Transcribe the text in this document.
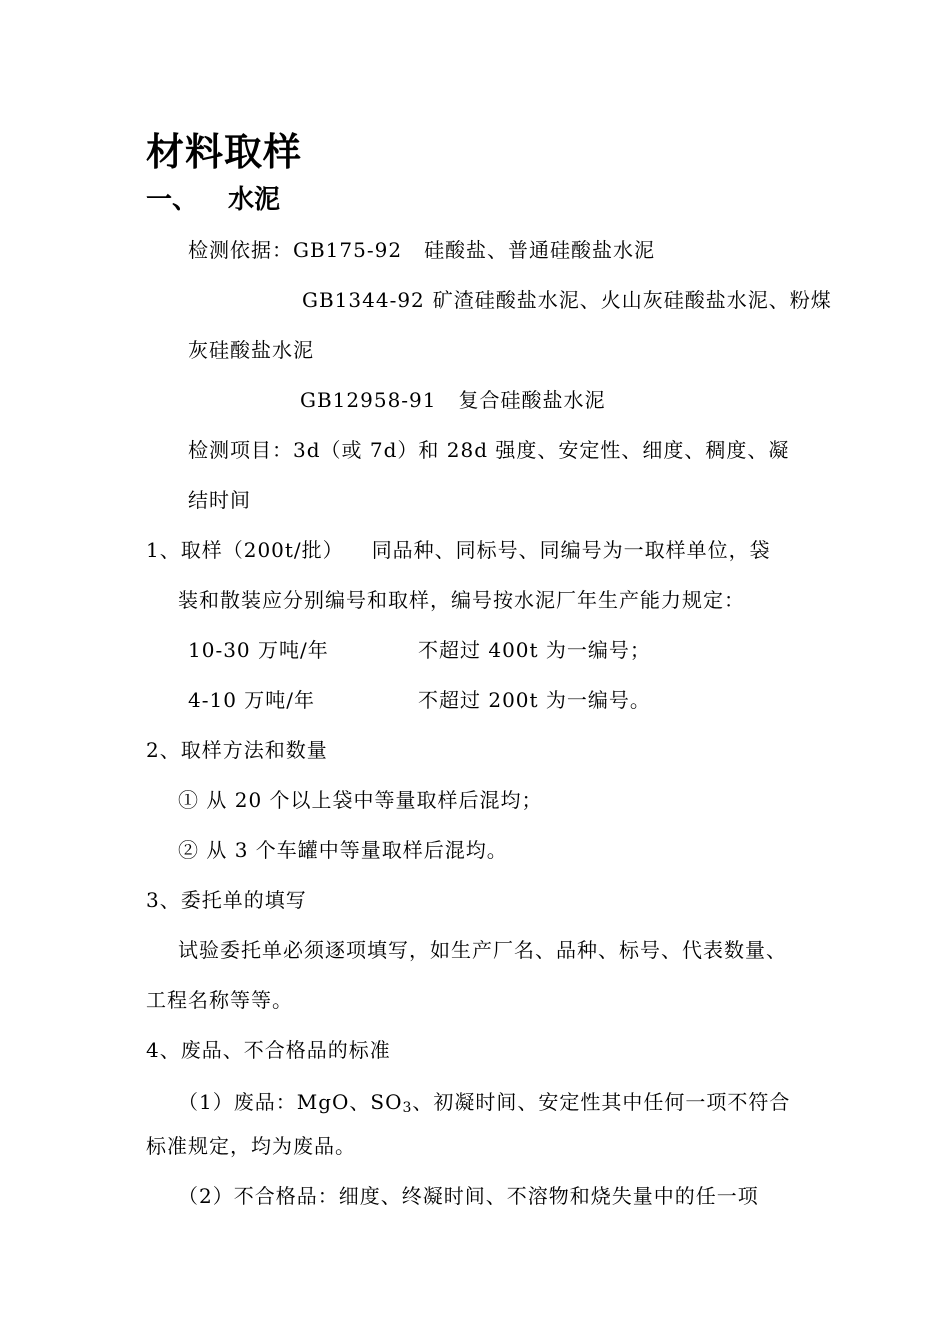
材料取样
一、 水泥
检测依据：GB175-92 硅酸盐、普通硅酸盐水泥
GB1344-92 矿渣硅酸盐水泥、火山灰硅酸盐水泥、粉煤
灰硅酸盐水泥
GB12958-91 复合硅酸盐水泥
检测项目：3d（或 7d）和 28d 强度、安定性、细度、稠度、凝
结时间
1、取样（200t/批） 同品种、同标号、同编号为一取样单位，袋
装和散装应分别编号和取样，编号按水泥厂年生产能力规定：
10-30 万吨/年	不超过 400t 为一编号；
4-10 万吨/年	不超过 200t 为一编号。
2、取样方法和数量
① 从 20 个以上袋中等量取样后混均；
② 从 3 个车罐中等量取样后混均。
3、委托单的填写
试验委托单必须逐项填写，如生产厂名、品种、标号、代表数量、
工程名称等等。
4、废品、不合格品的标准
（1）废品：MgO、$SO_3$、初凝时间、安定性其中任何一项不符合
标准规定，均为废品。
（2）不合格品：细度、终凝时间、不溶物和烧失量中的任一项
